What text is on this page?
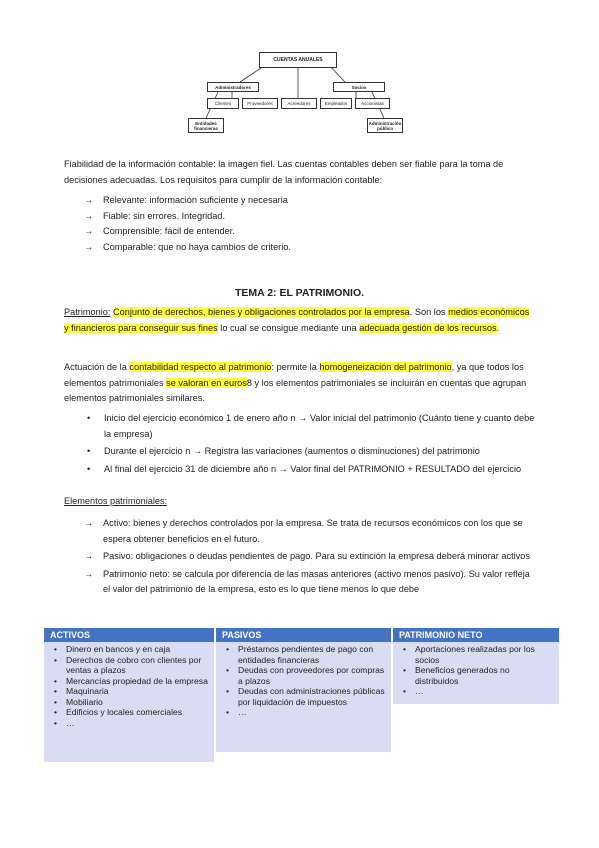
CUENTAS ANUALES
Administradores	Socios
Clientes	Proveedores	Acreedores	Empleados	Accionistas
Entidades financieras
Administración pública
Fiabilidad de la información contable: la imagen fiel. Las cuentas contables deben ser fiable para la toma de decisiones adecuadas. Los requisitos para cumplir de la información contable:
→ Relevante: información suficiente y necesaria
→ Fiable: sin errores. Integridad.
→ Comprensible: fácil de entender.
→ Comparable: que no haya cambios de criterio.
TEMA 2: EL PATRIMONIO.
Patrimonio: Conjunto de derechos, bienes y obligaciones controlados por la empresa. Son los medios económicos y financieros para conseguir sus fines lo cual se consigue mediante una adecuada gestión de los recursos.
Actuación de la contabilidad respecto al patrimonio: permite la homogeneización del patrimonio, ya que todos los elementos patrimoniales se valoran en euros8 y los elementos patrimoniales se incluirán en cuentas que agrupan elementos patrimoniales similares.
• Inicio del ejercicio económico 1 de enero año n → Valor inicial del patrimonio (Cuánto tiene y cuanto debe la empresa)
• Durante el ejercicio n → Registra las variaciones (aumentos o disminuciones) del patrimonio
• Al final del ejercicio 31 de diciembre año n → Valor final del PATRIMONIO + RESULTADO del ejercicio
Elementos patrimoniales:
→ Activo: bienes y derechos controlados por la empresa. Se trata de recursos económicos con los que se espera obtener beneficios en el futuro.
→ Pasivo: obligaciones o deudas pendientes de pago. Para su extinción la empresa deberá minorar activos
→ Patrimonio neto: se calcula por diferencia de las masas anteriores (activo menos pasivo). Su valor refleja el valor del patrimonio de la empresa, esto es lo que tiene menos lo que debe
ACTIVOS
• Dinero en bancos y en caja
• Derechos de cobro con clientes por ventas a plazos
• Mercancías propiedad de la empresa
• Maquinaria
• Mobiliario
• Edificios y locales comerciales
• …
PASIVOS
• Préstamos pendientes de pago con entidades financieras
• Deudas con proveedores por compras a plazos
• Deudas con administraciones públicas por liquidación de impuestos
• …
PATRIMONIO NETO
• Aportaciones realizadas por los socios
• Beneficios generados no distribuidos
• …
